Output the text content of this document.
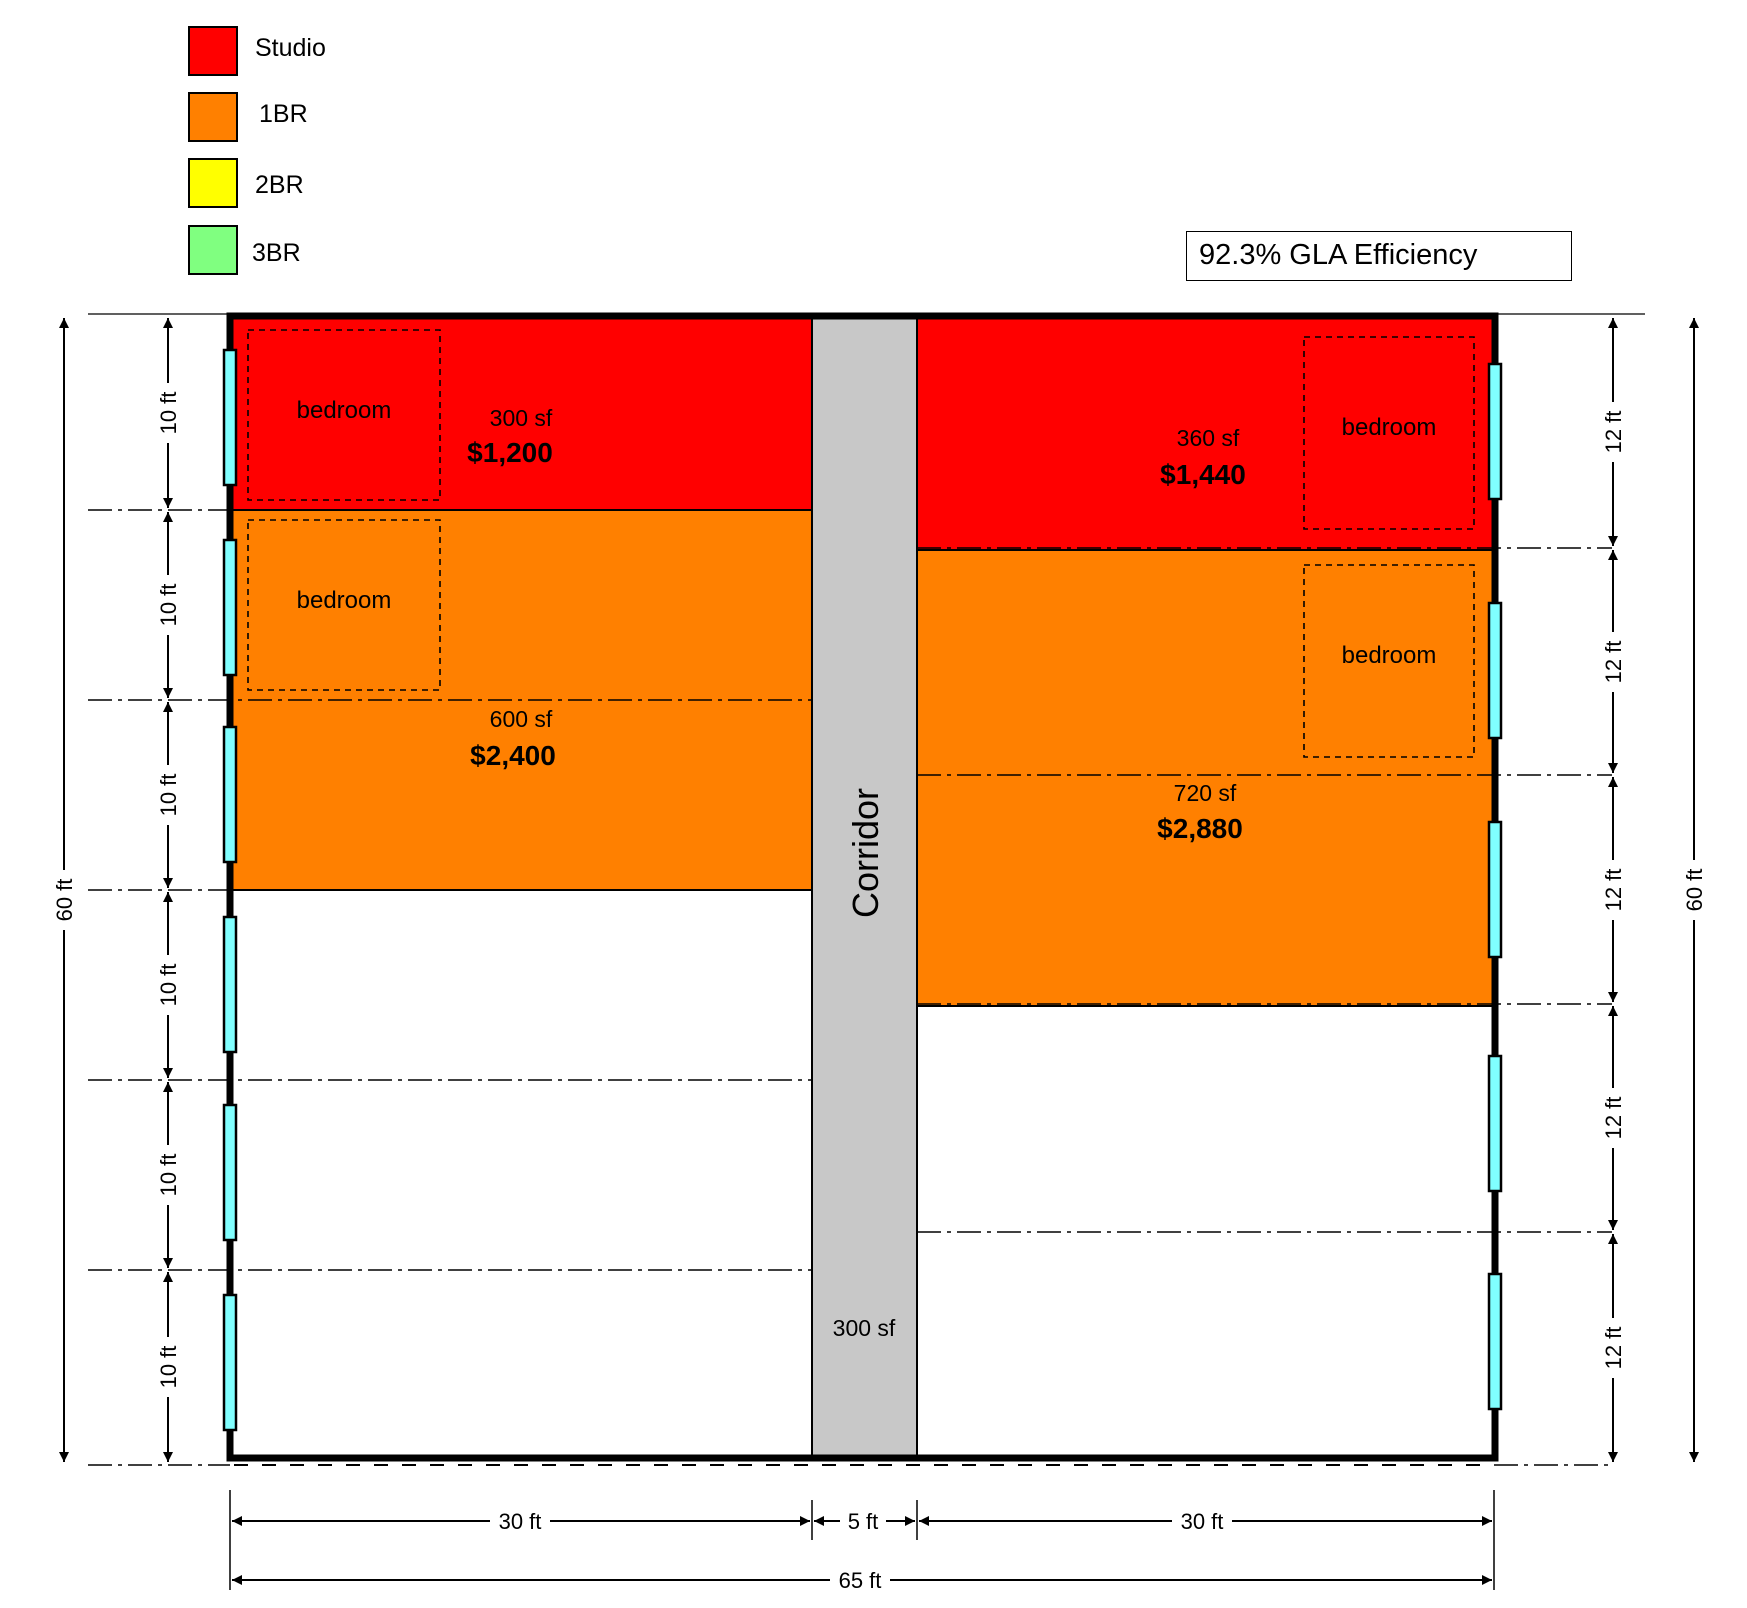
Studio
1BR
2BR
3BR	92.3% GLA Efficiency
bedroom	300 sf
$1,200
bedroom
600 sf
$2,400
bedroom
360 sf
$1,440
bedroom
720 sf
$2,880
Corridor
300 sf
60 ft
10 ft
10 ft
10 ft
10 ft
10 ft
10 ft
12 ft
12 ft
12 ft
12 ft
12 ft
60 ft
30 ft	5 ft	30 ft
65 ft
